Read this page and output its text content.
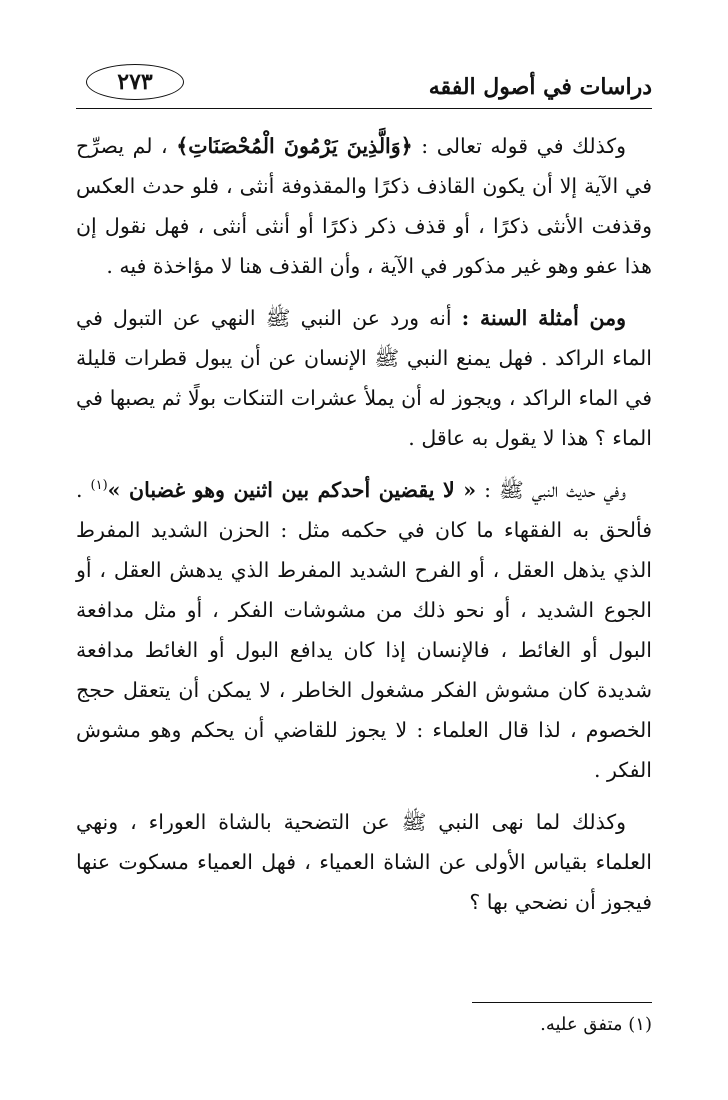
دراسات في أصول الفقه
٢٧٣

وكذلك في قوله تعالى : ﴿وَالَّذِينَ يَرْمُونَ الْمُحْصَنَاتِ﴾ ، لم يصرِّح في الآية إلا أن يكون القاذف ذكرًا والمقذوفة أنثى ، فلو حدث العكس وقذفت الأنثى ذكرًا ، أو قذف ذكر ذكرًا أو أنثى أنثى ، فهل نقول إن هذا عفو وهو غير مذكور في الآية ، وأن القذف هنا لا مؤاخذة فيه .

ومن أمثلة السنة : أنه ورد عن النبي ﷺ النهي عن التبول في الماء الراكد . فهل يمنع النبي ﷺ الإنسان عن أن يبول قطرات قليلة في الماء الراكد ، ويجوز له أن يملأ عشرات التنكات بولًا ثم يصبها في الماء ؟ هذا لا يقول به عاقل .

وفي حديث النبي ﷺ : « لا يقضين أحدكم بين اثنين وهو غضبان »$^{(١)}$ . فألحق به الفقهاء ما كان في حكمه مثل : الحزن الشديد المفرط الذي يذهل العقل ، أو الفرح الشديد المفرط الذي يدهش العقل ، أو الجوع الشديد ، أو نحو ذلك من مشوشات الفكر ، أو مثل مدافعة البول أو الغائط ، فالإنسان إذا كان يدافع البول أو الغائط مدافعة شديدة كان مشوش الفكر مشغول الخاطر ، لا يمكن أن يتعقل حجج الخصوم ، لذا قال العلماء : لا يجوز للقاضي أن يحكم وهو مشوش الفكر .

وكذلك لما نهى النبي ﷺ عن التضحية بالشاة العوراء ، ونهي العلماء بقياس الأولى عن الشاة العمياء ، فهل العمياء مسكوت عنها فيجوز أن نضحي بها ؟

(١) متفق عليه.
